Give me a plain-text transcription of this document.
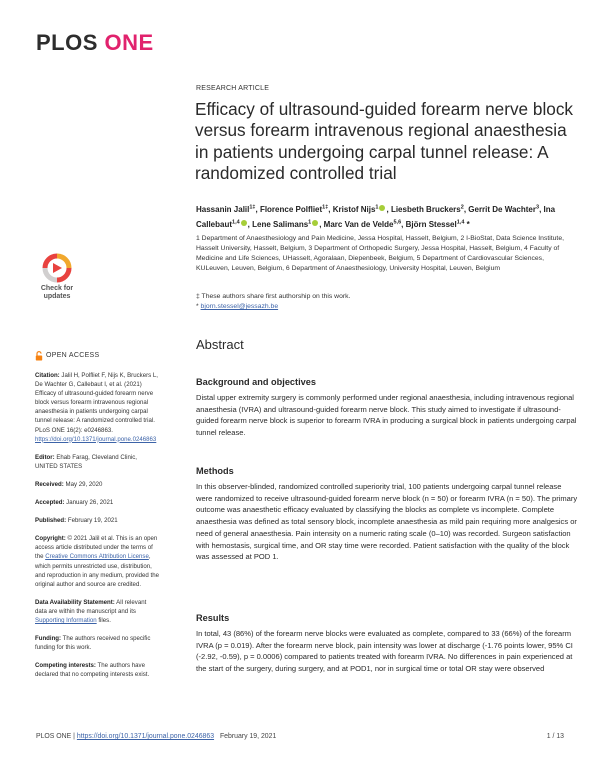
PLOS ONE
RESEARCH ARTICLE
Efficacy of ultrasound-guided forearm nerve block versus forearm intravenous regional anaesthesia in patients undergoing carpal tunnel release: A randomized controlled trial
Hassanin Jalil$^{1\ddagger}$, Florence Polfliet$^{1\ddagger}$, Kristof Nijs$^1$ , Liesbeth Bruckers$^2$, Gerrit De Wachter$^3$, Ina Callebaut$^{1,4}$ , Lene Salimans$^1$ , Marc Van de Velde$^{5,6}$, Björn Stessel$^{1,4}$ *
1 Department of Anaesthesiology and Pain Medicine, Jessa Hospital, Hasselt, Belgium, 2 I-BioStat, Data Science Institute, Hasselt University, Hasselt, Belgium, 3 Department of Orthopedic Surgery, Jessa Hospital, Hasselt, Belgium, 4 Faculty of Medicine and Life Sciences, UHasselt, Agoralaan, Diepenbeek, Belgium, 5 Department of Cardiovascular Sciences, KULeuven, Leuven, Belgium, 6 Department of Anaesthesiology, University Hospital, Leuven, Belgium
‡ These authors share first authorship on this work.
* bjorn.stessel@jessazh.be
Check for
updates
OPEN ACCESS
Citation: Jalil H, Polfliet F, Nijs K, Bruckers L, De Wachter G, Callebaut I, et al. (2021) Efficacy of ultrasound-guided forearm nerve block versus forearm intravenous regional anaesthesia in patients undergoing carpal tunnel release: A randomized controlled trial. PLoS ONE 16(2): e0246863. https://doi.org/10.1371/journal.pone.0246863
Editor: Ehab Farag, Cleveland Clinic, UNITED STATES
Received: May 29, 2020
Accepted: January 26, 2021
Published: February 19, 2021
Copyright: © 2021 Jalil et al. This is an open access article distributed under the terms of the Creative Commons Attribution License, which permits unrestricted use, distribution, and reproduction in any medium, provided the original author and source are credited.
Data Availability Statement: All relevant data are within the manuscript and its Supporting Information files.
Funding: The authors received no specific funding for this work.
Competing interests: The authors have declared that no competing interests exist.
Abstract
Background and objectives

Distal upper extremity surgery is commonly performed under regional anaesthesia, including intravenous regional anaesthesia (IVRA) and ultrasound-guided forearm nerve block. This study aimed to investigate if ultrasound-guided forearm nerve block is superior to forearm IVRA in producing a surgical block in patients undergoing carpal tunnel release.

Methods

In this observer-blinded, randomized controlled superiority trial, 100 patients undergoing carpal tunnel release were randomized to receive ultrasound-guided forearm nerve block (n = 50) or forearm IVRA (n = 50). The primary outcome was anaesthetic efficacy evaluated by classifying the blocks as complete vs incomplete. Complete anaesthesia was defined as total sensory block, incomplete anaesthesia as mild pain requiring more analgesics or need of general anaesthesia. Pain intensity on a numeric rating scale (0–10) was recorded. Surgeon satisfaction with hemostasis, surgical time, and OR stay time were recorded. Patient satisfaction with the quality of the block was assessed at POD 1.

Results

In total, 43 (86%) of the forearm nerve blocks were evaluated as complete, compared to 33 (66%) of the forearm IVRA (p = 0.019). After the forearm nerve block, pain intensity was lower at discharge (-1.76 points lower, 95% CI (-2.92, -0.59), p = 0.0006) compared to patients treated with forearm IVRA. No differences in pain experienced at the start of the surgery, during surgery, and at POD1, nor in surgical time or total OR stay were observed

PLOS ONE | https://doi.org/10.1371/journal.pone.0246863 February 19, 2021	1 / 13
